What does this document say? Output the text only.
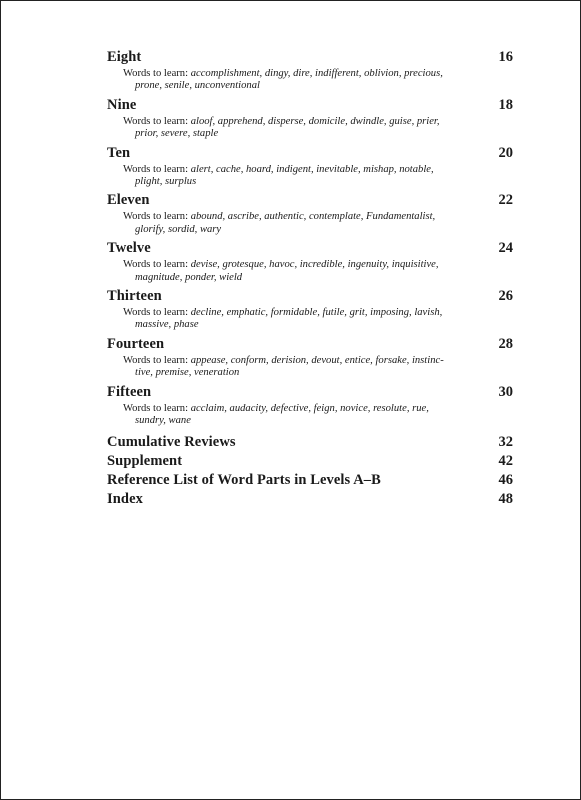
Eight	16
Words to learn: accomplishment, dingy, dire, indifferent, oblivion, precious,
prone, senile, unconventional
Nine	18
Words to learn: aloof, apprehend, disperse, domicile, dwindle, guise, prier,
prior, severe, staple
Ten	20
Words to learn: alert, cache, hoard, indigent, inevitable, mishap, notable,
plight, surplus
Eleven	22
Words to learn: abound, ascribe, authentic, contemplate, Fundamentalist,
glorify, sordid, wary
Twelve	24
Words to learn: devise, grotesque, havoc, incredible, ingenuity, inquisitive,
magnitude, ponder, wield
Thirteen	26
Words to learn: decline, emphatic, formidable, futile, grit, imposing, lavish,
massive, phase
Fourteen	28
Words to learn: appease, conform, derision, devout, entice, forsake, instinc-
tive, premise, veneration
Fifteen	30
Words to learn: acclaim, audacity, defective, feign, novice, resolute, rue,
sundry, wane
Cumulative Reviews	32
Supplement	42
Reference List of Word Parts in Levels A–B	46
Index	48
